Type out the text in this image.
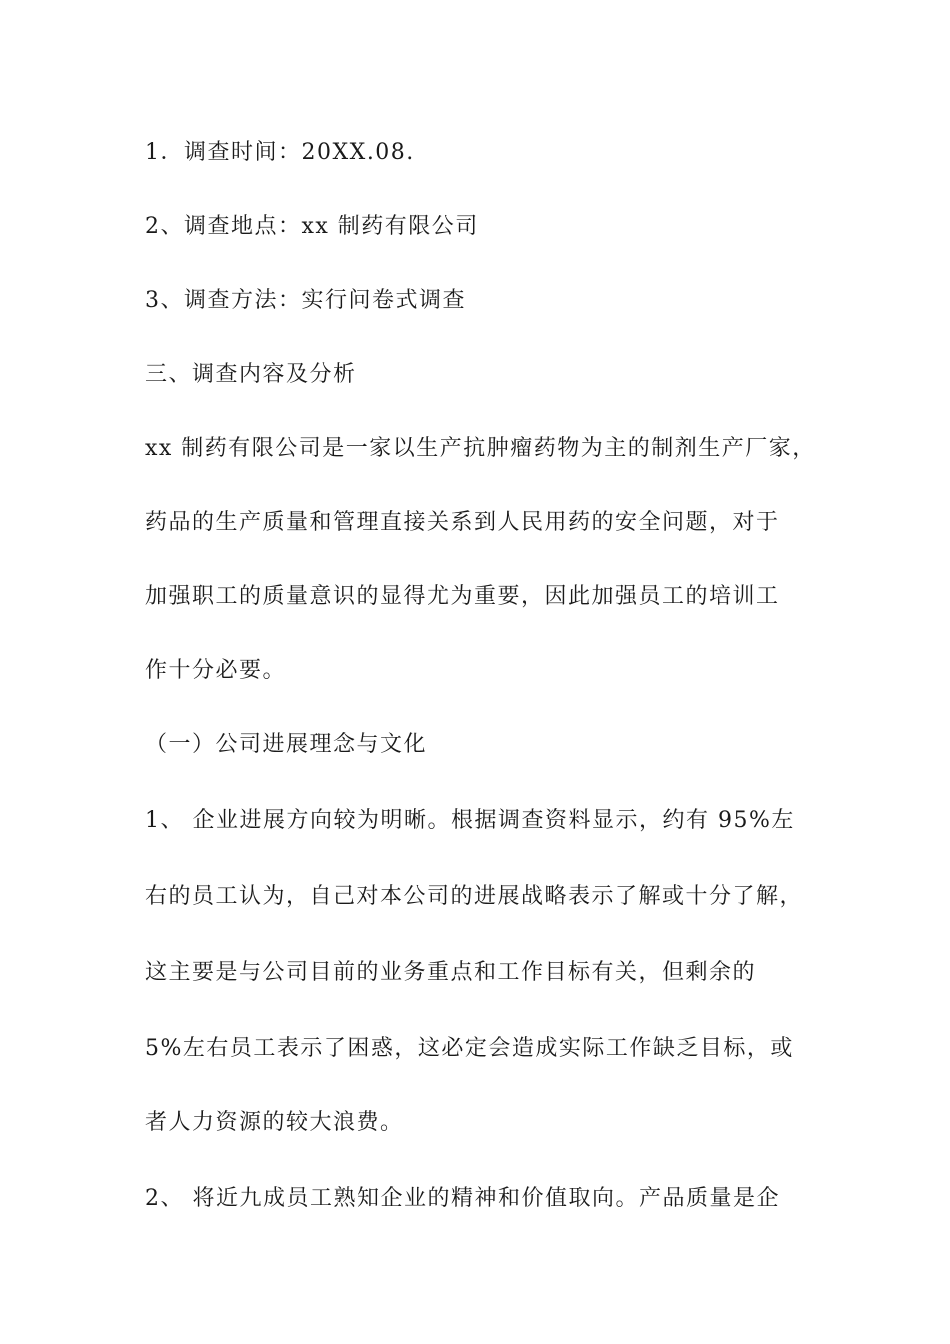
1．调查时间：20XX.08.

2、调查地点：xx 制药有限公司

3、调查方法：实行问卷式调查

三、调查内容及分析

xx 制药有限公司是一家以生产抗肿瘤药物为主的制剂生产厂家，

药品的生产质量和管理直接关系到人民用药的安全问题，对于

加强职工的质量意识的显得尤为重要，因此加强员工的培训工

作十分必要。

（一）公司进展理念与文化

1、 企业进展方向较为明晰。根据调查资料显示，约有 95%左

右的员工认为，自己对本公司的进展战略表示了解或十分了解，

这主要是与公司目前的业务重点和工作目标有关，但剩余的

5%左右员工表示了困惑，这必定会造成实际工作缺乏目标，或

者人力资源的较大浪费。

2、 将近九成员工熟知企业的精神和价值取向。产品质量是企
